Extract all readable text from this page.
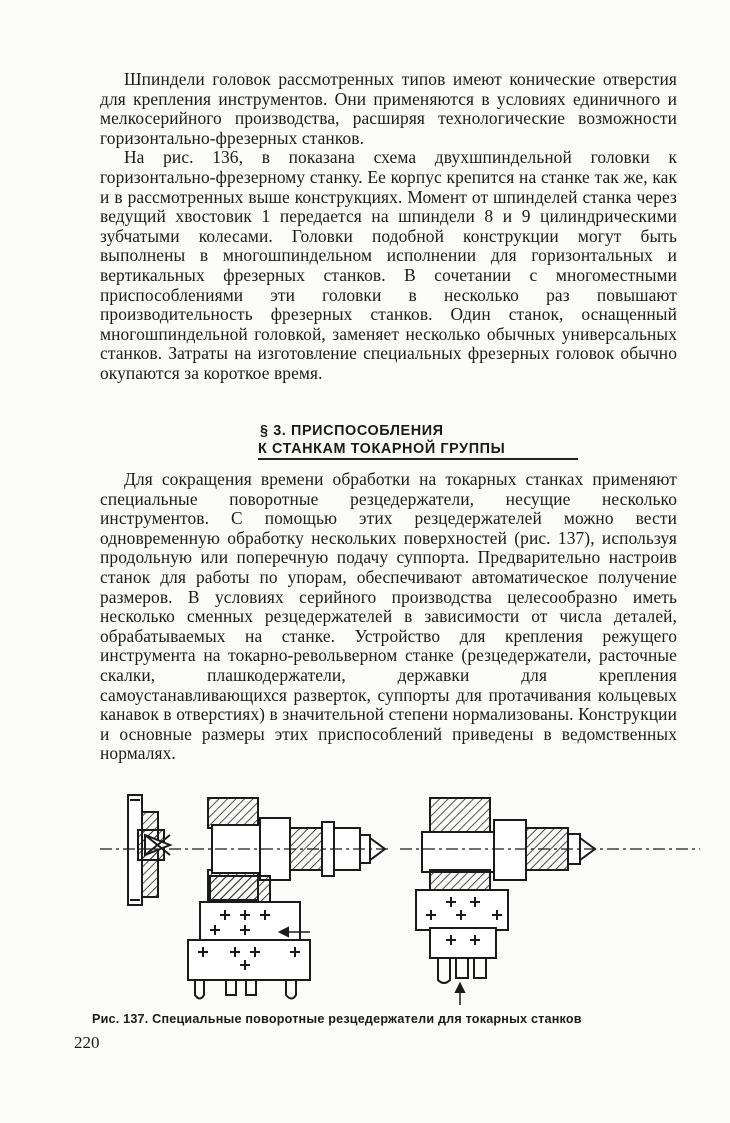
Шпиндели головок рассмотренных типов имеют конические отверстия для крепления инструментов. Они применяются в условиях единичного и мелкосерийного производства, расширяя технологические возможности горизонтально-фрезерных станков.

На рис. 136, в показана схема двухшпиндельной головки к горизонтально-фрезерному станку. Ее корпус крепится на станке так же, как и в рассмотренных выше конструкциях. Момент от шпинделей станка через ведущий хвостовик 1 передается на шпиндели 8 и 9 цилиндрическими зубчатыми колесами. Головки подобной конструкции могут быть выполнены в многошпиндельном исполнении для горизонтальных и вертикальных фрезерных станков. В сочетании с многоместными приспособлениями эти головки в несколько раз повышают производительность фрезерных станков. Один станок, оснащенный многошпиндельной головкой, заменяет несколько обычных универсальных станков. Затраты на изготовление специальных фрезерных головок обычно окупаются за короткое время.

§ 3. ПРИСПОСОБЛЕНИЯ
К СТАНКАМ ТОКАРНОЙ ГРУППЫ

Для сокращения времени обработки на токарных станках применяют специальные поворотные резцедержатели, несущие несколько инструментов. С помощью этих резцедержателей можно вести одновременную обработку нескольких поверхностей (рис. 137), используя продольную или поперечную подачу суппорта. Предварительно настроив станок для работы по упорам, обеспечивают автоматическое получение размеров. В условиях серийного производства целесообразно иметь несколько сменных резцедержателей в зависимости от числа деталей, обрабатываемых на станке. Устройство для крепления режущего инструмента на токарно-револьверном станке (резцедержатели, расточные скалки, плашкодержатели, державки для крепления самоустанавливающихся разверток, суппорты для протачивания кольцевых канавок в отверстиях) в значительной степени нормализованы. Конструкции и основные размеры этих приспособлений приведены в ведомственных нормалях.

Рис. 137. Специальные поворотные резцедержатели для токарных станков
220
